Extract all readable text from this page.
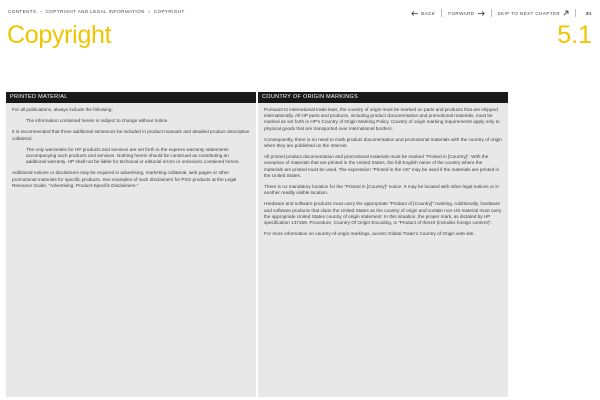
CONTENTS » COPYRIGHT AND LEGAL INFORMATION » COPYRIGHT	BACK	FORWARD	SKIP TO NEXT CHAPTER	81
Copyright	5.1
PRINTED MATERIAL

For all publications, always include the following:

The information contained herein is subject to change without notice.

It is recommended that three additional sentences be included in product manuals and detailed product descriptive collateral:

The only warranties for HP products and services are set forth in the express warranty statements accompanying such products and services. Nothing herein should be construed as constituting an additional warranty. HP shall not be liable for technical or editorial errors or omissions contained herein.

Additional notices or disclaimers may be required in advertising, marketing collateral, web pages or other promotional materials for specific products. See examples of such disclaimers for PSG products at the Legal Resource Guide, “Advertising: Product-Specific Disclaimers.”

COUNTRY OF ORIGIN MARKINGS

Pursuant to international trade laws, the country of origin must be marked on parts and products that are shipped internationally. All HP parts and products, including product documentation and promotional materials, must be marked as set forth in HP’s Country of Origin Marking Policy. Country of origin marking requirements apply only to physical goods that are transported over international borders.

Consequently, there is no need to mark product documentation and promotional materials with the country of origin when they are published on the Internet.

All printed product documentation and promotional materials must be marked “Printed in [Country]”. With the exception of materials that are printed in the United States, the full English name of the country where the materials are printed must be used. The expression “Printed in the US” may be used if the materials are printed in the United States.

There is no mandatory location for the “Printed in [Country]” notice. It may be located with other legal notices or in another readily visible location.

Hardware and software products must carry the appropriate “Product of [Country]” marking. Additionally, hardware and software products that claim the United States as the country of origin and contain non-US material must carry the appropriate United States country of origin statement. In this situation, the proper mark, as dictated by HP specification 137169, Procedure, Country Of Origin Encoding, is “Product of theUS (includes foreign content)”.

For more information on country-of-origin markings, access Global Trade’s Country of Origin web site.
